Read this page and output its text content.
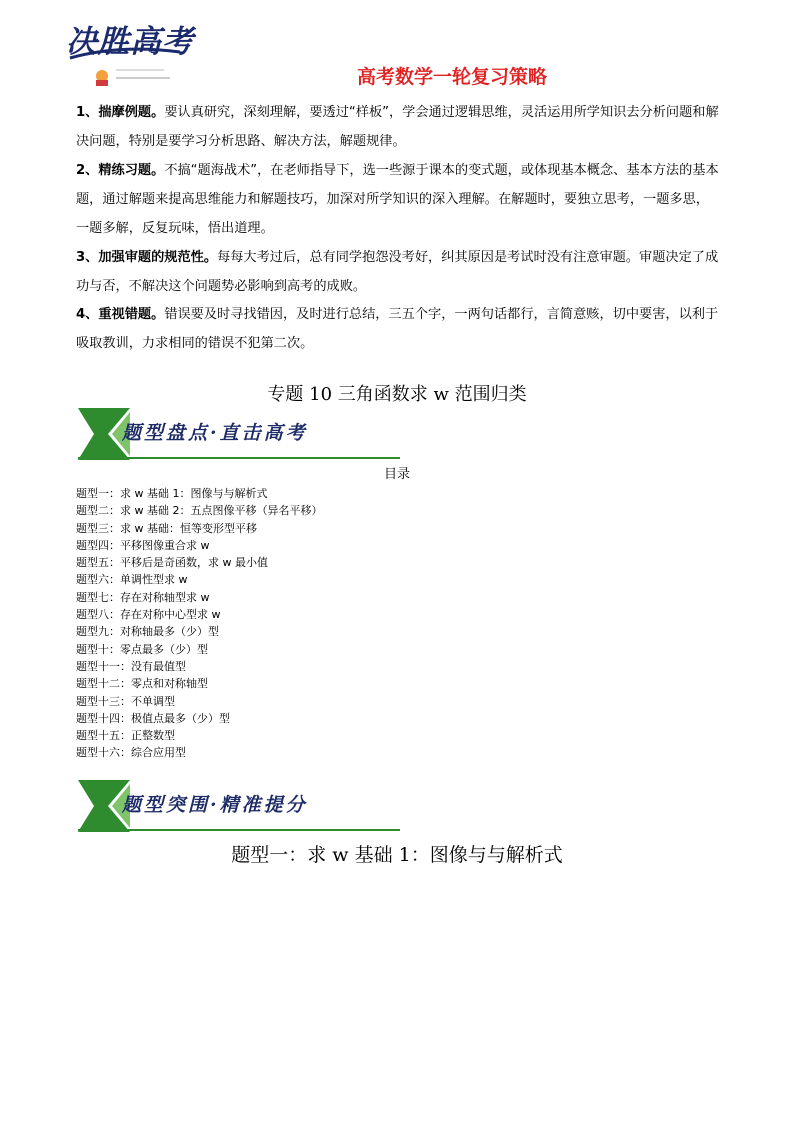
决胜高考
高考数学一轮复习策略
1、揣摩例题。要认真研究，深刻理解，要透过“样板”，学会通过逻辑思维，灵活运用所学知识去分析问题和解决问题，特别是要学习分析思路、解决方法，解题规律。
2、精练习题。不搞“题海战术”，在老师指导下，选一些源于课本的变式题，或体现基本概念、基本方法的基本题，通过解题来提高思维能力和解题技巧，加深对所学知识的深入理解。在解题时，要独立思考，一题多思，一题多解，反复玩味，悟出道理。
3、加强审题的规范性。每每大考过后，总有同学抱怨没考好，纠其原因是考试时没有注意审题。审题决定了成功与否，不解决这个问题势必影响到高考的成败。
4、重视错题。错误要及时寻找错因，及时进行总结，三五个字，一两句话都行，言简意赅，切中要害，以利于吸取教训，力求相同的错误不犯第二次。
专题 10 三角函数求 w 范围归类
题型盘点·直击高考
目录
题型一：求 w 基础 1：图像与与解析式
题型二：求 w 基础 2：五点图像平移（异名平移）
题型三：求 w 基础：恒等变形型平移
题型四：平移图像重合求 w
题型五：平移后是奇函数，求 w 最小值
题型六：单调性型求 w
题型七：存在对称轴型求 w
题型八：存在对称中心型求 w
题型九：对称轴最多（少）型
题型十：零点最多（少）型
题型十一：没有最值型
题型十二：零点和对称轴型
题型十三：不单调型
题型十四：极值点最多（少）型
题型十五：正整数型
题型十六：综合应用型
题型突围·精准提分
题型一：求 w 基础 1：图像与与解析式
